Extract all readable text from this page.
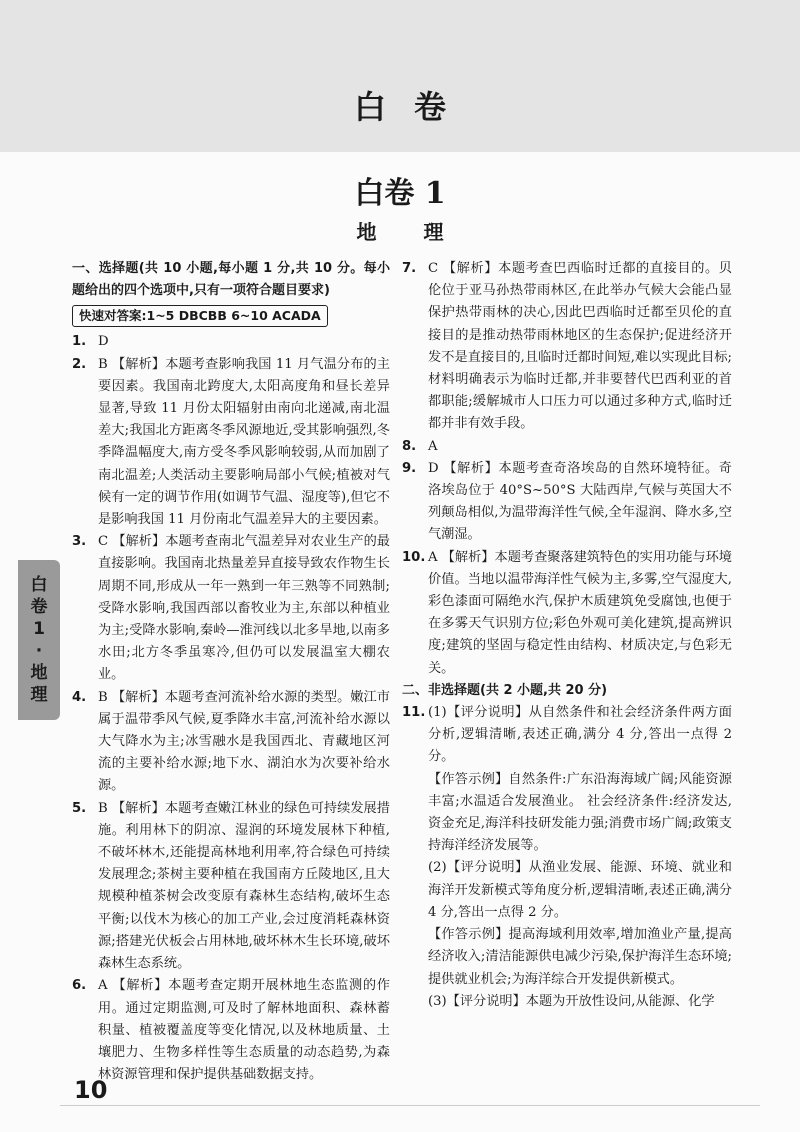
白卷
白卷 1
地 理

一、选择题(共 10 小题,每小题 1 分,共 10 分。每小题给出的四个选项中,只有一项符合题目要求)

快速对答案:1~5 DBCBB 6~10 ACADA

1. D

2. B 【解析】本题考查影响我国 11 月气温分布的主要因素。我国南北跨度大,太阳高度角和昼长差异显著,导致 11 月份太阳辐射由南向北递减,南北温差大;我国北方距离冬季风源地近,受其影响强烈,冬季降温幅度大,南方受冬季风影响较弱,从而加剧了南北温差;人类活动主要影响局部小气候;植被对气候有一定的调节作用(如调节气温、湿度等),但它不是影响我国 11 月份南北气温差异大的主要因素。

3. C 【解析】本题考查南北气温差异对农业生产的最直接影响。我国南北热量差异直接导致农作物生长周期不同,形成从一年一熟到一年三熟等不同熟制;受降水影响,我国西部以畜牧业为主,东部以种植业为主;受降水影响,秦岭—淮河线以北多旱地,以南多水田;北方冬季虽寒冷,但仍可以发展温室大棚农业。

4. B 【解析】本题考查河流补给水源的类型。嫩江市属于温带季风气候,夏季降水丰富,河流补给水源以大气降水为主;冰雪融水是我国西北、青藏地区河流的主要补给水源;地下水、湖泊水为次要补给水源。

5. B 【解析】本题考查嫩江林业的绿色可持续发展措施。利用林下的阴凉、湿润的环境发展林下种植,不破坏林木,还能提高林地利用率,符合绿色可持续发展理念;茶树主要种植在我国南方丘陵地区,且大规模种植茶树会改变原有森林生态结构,破坏生态平衡;以伐木为核心的加工产业,会过度消耗森林资源;搭建光伏板会占用林地,破坏林木生长环境,破坏森林生态系统。

6. A 【解析】本题考查定期开展林地生态监测的作用。通过定期监测,可及时了解林地面积、森林蓄积量、植被覆盖度等变化情况,以及林地质量、土壤肥力、生物多样性等生态质量的动态趋势,为森林资源管理和保护提供基础数据支持。

7. C 【解析】本题考查巴西临时迁都的直接目的。贝伦位于亚马孙热带雨林区,在此举办气候大会能凸显保护热带雨林的决心,因此巴西临时迁都至贝伦的直接目的是推动热带雨林地区的生态保护;促进经济开发不是直接目的,且临时迁都时间短,难以实现此目标;材料明确表示为临时迁都,并非要替代巴西利亚的首都职能;缓解城市人口压力可以通过多种方式,临时迁都并非有效手段。

8. A

9. D 【解析】本题考查奇洛埃岛的自然环境特征。奇洛埃岛位于 40°S~50°S 大陆西岸,气候与英国大不列颠岛相似,为温带海洋性气候,全年湿润、降水多,空气潮湿。

10. A 【解析】本题考查聚落建筑特色的实用功能与环境价值。当地以温带海洋性气候为主,多雾,空气湿度大,彩色漆面可隔绝水汽,保护木质建筑免受腐蚀,也便于在多雾天气识别方位;彩色外观可美化建筑,提高辨识度;建筑的坚固与稳定性由结构、材质决定,与色彩无关。

二、非选择题(共 2 小题,共 20 分)

11. (1)【评分说明】从自然条件和社会经济条件两方面分析,逻辑清晰,表述正确,满分 4 分,答出一点得 2 分。

【作答示例】自然条件:广东沿海海域广阔;风能资源丰富;水温适合发展渔业。 社会经济条件:经济发达,资金充足,海洋科技研发能力强;消费市场广阔;政策支持海洋经济发展等。

(2)【评分说明】从渔业发展、能源、环境、就业和海洋开发新模式等角度分析,逻辑清晰,表述正确,满分 4 分,答出一点得 2 分。

【作答示例】提高海域利用效率,增加渔业产量,提高经济收入;清洁能源供电减少污染,保护海洋生态环境;提供就业机会;为海洋综合开发提供新模式。

(3)【评分说明】本题为开放性设问,从能源、化学

白
卷
1
·
地
理
10
